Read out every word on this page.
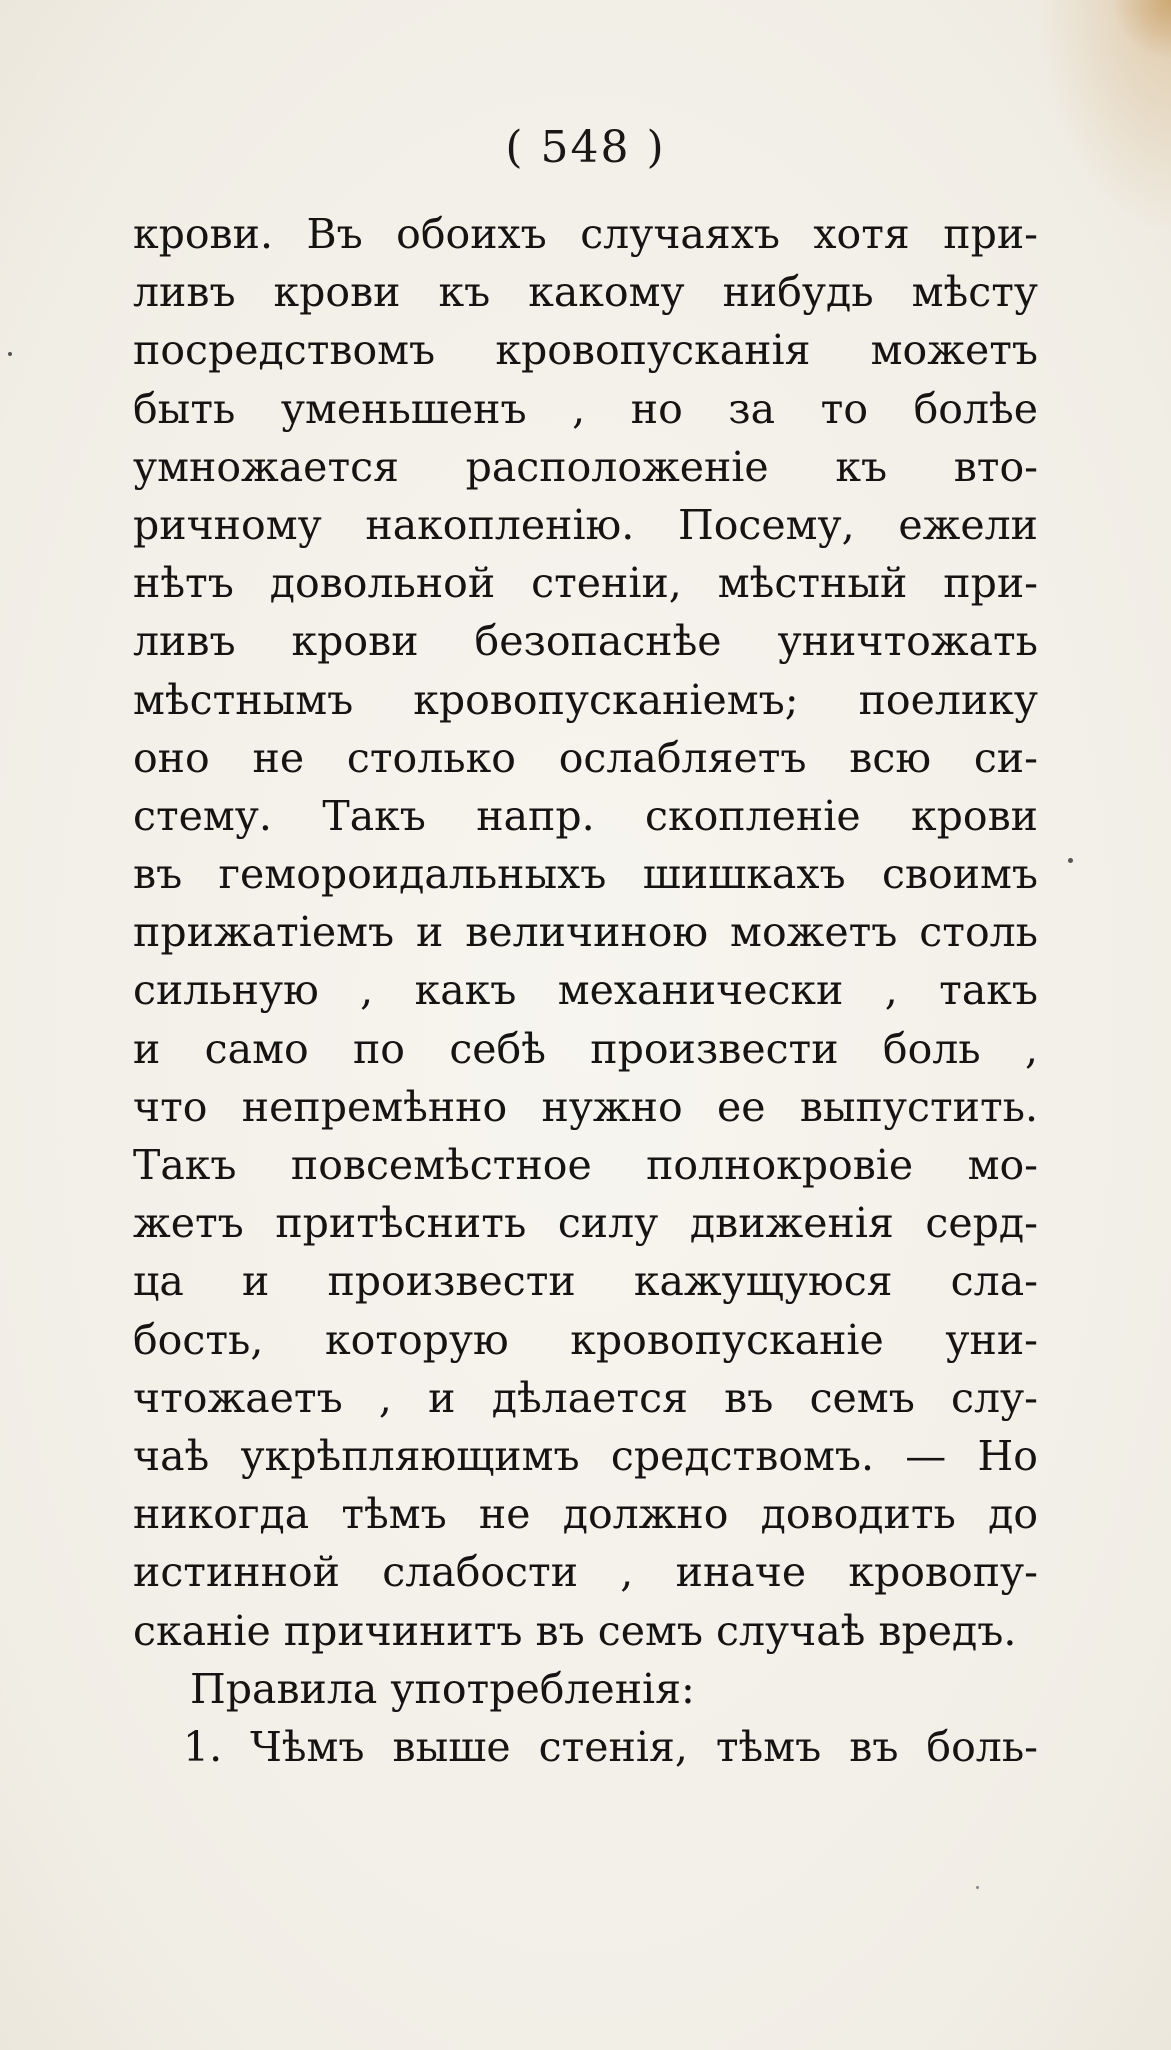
( 548 )
крови. Въ обоихъ случаяхъ хотя при-
ливъ крови къ какому нибудь мѣсту
посредствомъ кровопусканія можетъ
быть уменьшенъ , но за то болѣе
умножается расположеніе къ вто-
ричному накопленію. Посему, ежели
нѣтъ довольной стеніи, мѣстный при-
ливъ крови безопаснѣе уничтожать
мѣстнымъ кровопусканіемъ; поелику
оно не столько ослабляетъ всю си-
стему. Такъ напр. скопленіе крови
въ гемороидальныхъ шишкахъ своимъ
прижатіемъ и величиною можетъ столь
сильную , какъ механически , такъ
и само по себѣ произвести боль ,
что непремѣнно нужно ее выпустить.
Такъ повсемѣстное полнокровіе мо-
жетъ притѣснить силу движенія серд-
ца и произвести кажущуюся сла-
бость, которую кровопусканіе уни-
чтожаетъ , и дѣлается въ семъ слу-
чаѣ укрѣпляющимъ средствомъ. — Но
никогда тѣмъ не должно доводить до
истинной слабости , иначе кровопу-
сканіе причинитъ въ семъ случаѣ вредъ.
Правила употребленія:
1. Чѣмъ выше стенія, тѣмъ въ боль-
